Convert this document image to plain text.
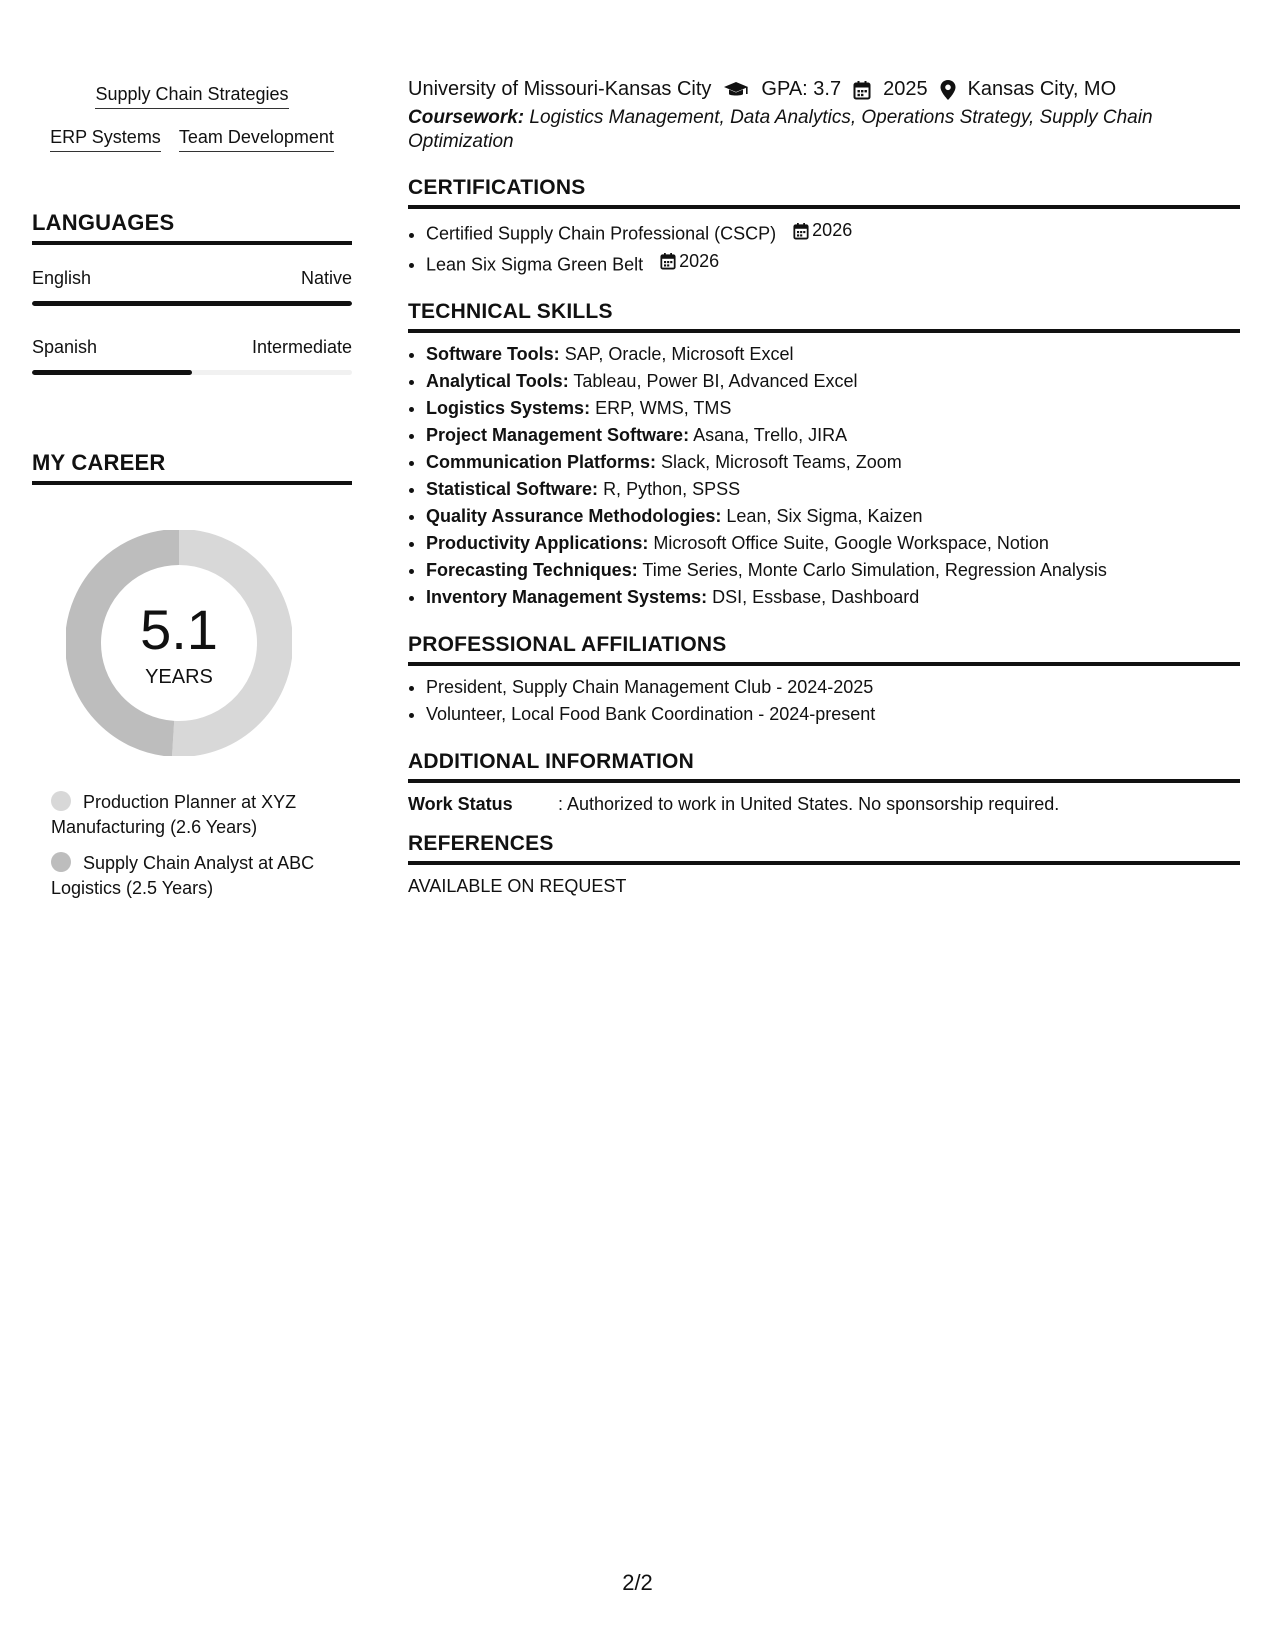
Supply Chain Strategies
ERP Systems Team Development
LANGUAGES
English	Native
Spanish	Intermediate
MY CAREER
5.1
YEARS
Production Planner at XYZ Manufacturing (2.6 Years)
Supply Chain Analyst at ABC Logistics (2.5 Years)
University of Missouri-Kansas City	GPA: 3.7 2025 Kansas City, MO
Coursework: Logistics Management, Data Analytics, Operations Strategy, Supply Chain Optimization
CERTIFICATIONS
• Certified Supply Chain Professional (CSCP) 2026
• Lean Six Sigma Green Belt 2026
TECHNICAL SKILLS
• Software Tools: SAP, Oracle, Microsoft Excel
• Analytical Tools: Tableau, Power BI, Advanced Excel
• Logistics Systems: ERP, WMS, TMS
• Project Management Software: Asana, Trello, JIRA
• Communication Platforms: Slack, Microsoft Teams, Zoom
• Statistical Software: R, Python, SPSS
• Quality Assurance Methodologies: Lean, Six Sigma, Kaizen
• Productivity Applications: Microsoft Office Suite, Google Workspace, Notion
• Forecasting Techniques: Time Series, Monte Carlo Simulation, Regression Analysis
• Inventory Management Systems: DSI, Essbase, Dashboard
PROFESSIONAL AFFILIATIONS
• President, Supply Chain Management Club - 2024-2025
• Volunteer, Local Food Bank Coordination - 2024-present
ADDITIONAL INFORMATION
Work Status	: Authorized to work in United States. No sponsorship required.
REFERENCES
AVAILABLE ON REQUEST
2/2
